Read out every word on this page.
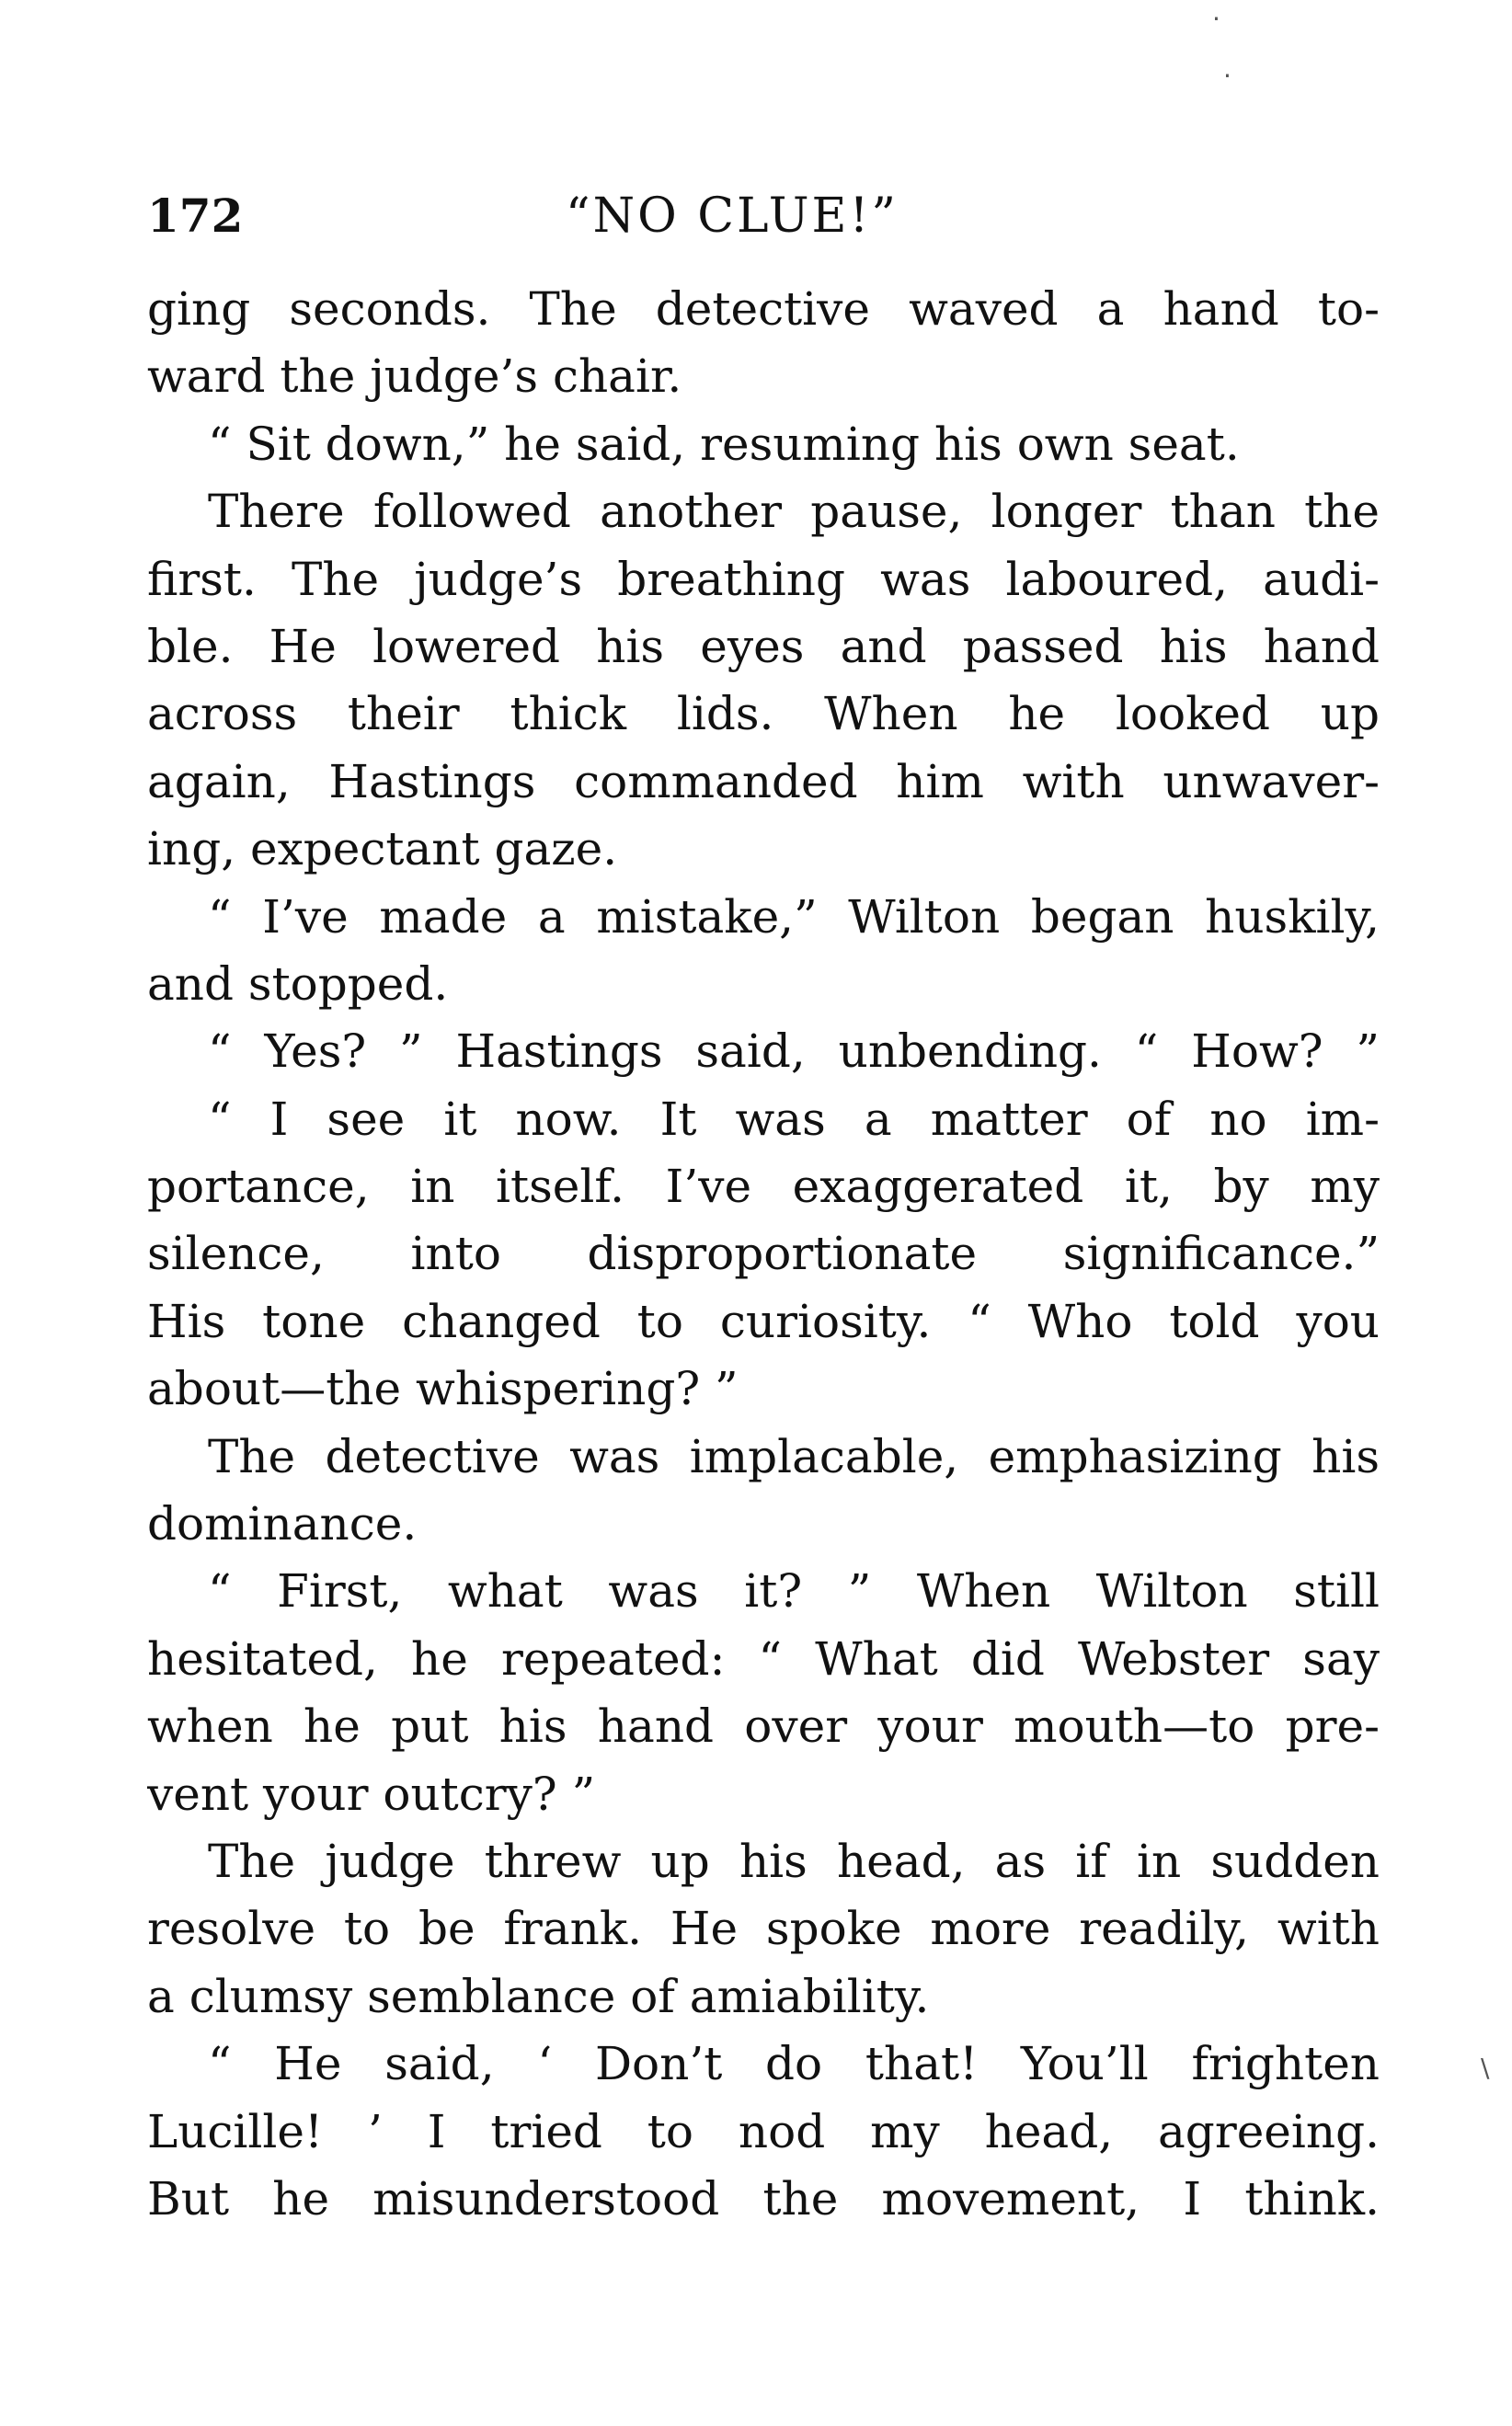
172	“NO CLUE!”
ging seconds. The detective waved a hand to-
ward the judge’s chair.
“ Sit down,” he said, resuming his own seat.
There followed another pause, longer than the
first. The judge’s breathing was laboured, audi-
ble. He lowered his eyes and passed his hand
across their thick lids. When he looked up
again, Hastings commanded him with unwaver-
ing, expectant gaze.
“ I’ve made a mistake,” Wilton began huskily,
and stopped.
“ Yes? ” Hastings said, unbending. “ How? ”
“ I see it now. It was a matter of no im-
portance, in itself. I’ve exaggerated it, by my
silence, into disproportionate significance.”
His tone changed to curiosity. “ Who told you
about—the whispering? ”
The detective was implacable, emphasizing his
dominance.
“ First, what was it? ” When Wilton still
hesitated, he repeated: “ What did Webster say
when he put his hand over your mouth—to pre-
vent your outcry? ”
The judge threw up his head, as if in sudden
resolve to be frank. He spoke more readily, with
a clumsy semblance of amiability.
“ He said, ‘ Don’t do that! You’ll frighten
Lucille! ’ I tried to nod my head, agreeing.
But he misunderstood the movement, I think.
·
·
\
